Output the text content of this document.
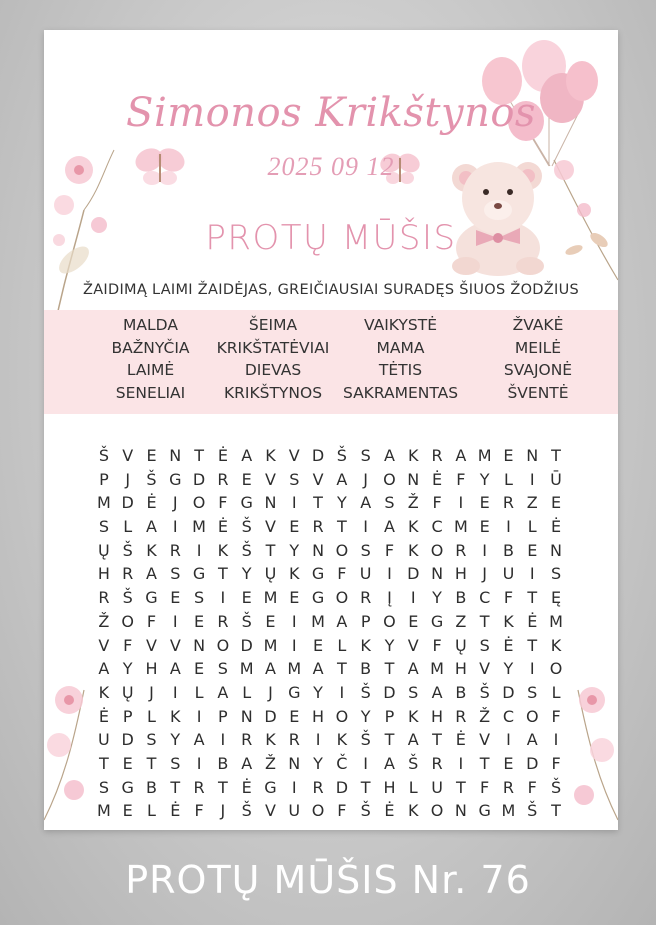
Simonos Krikštynos
2025 09 12
PROTŲ MŪŠIS
ŽAIDIMĄ LAIMI ŽAIDĖJAS, GREIČIAUSIAI SURADĘS ŠIUOS ŽODŽIUS
MALDA	ŠEIMA	VAIKYSTĖ	ŽVAKĖ
BAŽNYČIA	KRIKŠTATĖVIAI	MAMA	MEILĖ
LAIMĖ	DIEVAS	TĖTIS	SVAJONĖ
SENELIAI	KRIKŠTYNOS	SAKRAMENTAS	ŠVENTĖ
Š V E N T Ė A K V D Š S A K R A M E N T
P	J	Š G D R E V S V A J O N Ė F Y L	I Ū
M D Ė	J O F G N I	T Y A S Ž F	I	E R Z E
S L A I M Ė Š V E R T	I A K C M E	I	L Ė
Ų Š K R I	K Š T Y N O S F K O R I B E N
H R A S G T Y Ų K G F U I D N H J U I	S
R Š G E S	I	E M E G O R Į	I	Y B C F T Ę
Ž O F	I	E R Š E	I M A P O E G Z T K Ė M
V F V V N O D M I	E L K Y V F Ų S Ė T K
A Y H A E S M A M A T B T A M H V Y	I O
K Ų J	I	L A L	J G Y	I	Š D S A B Š D S L
Ė P L K	I	P N D E H O Y P K H R Ž C O F
U D S Y A I R K R I	K Š T A T Ė V I A I
T E T S	I B A Ž N Y Č I A Š R I	T E D F
S G B T R T Ė G I R D T H L U T F R F Š
M E L Ė F	J	Š V U O F Š Ė K O N G M Š T
PROTŲ MŪŠIS Nr. 76
